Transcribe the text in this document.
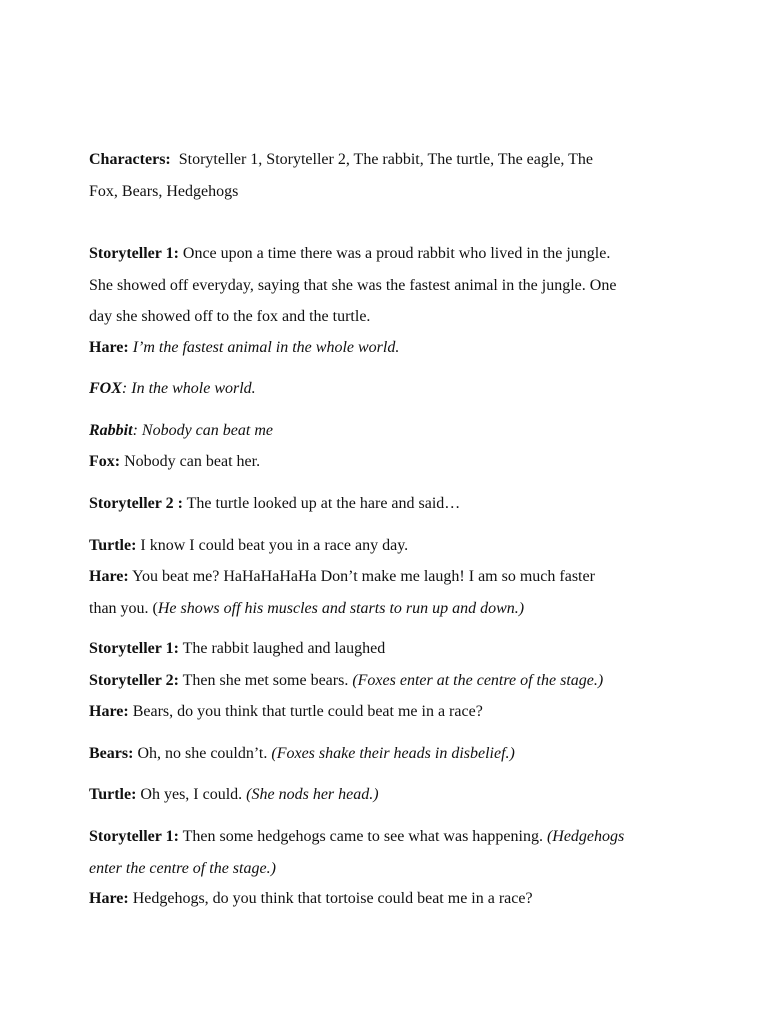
Characters:  Storyteller 1, Storyteller 2, The rabbit, The turtle, The eagle, The
Fox, Bears, Hedgehogs

Storyteller 1: Once upon a time there was a proud rabbit who lived in the jungle.
She showed off everyday, saying that she was the fastest animal in the jungle. One
day she showed off to the fox and the turtle.

Hare: I’m the fastest animal in the whole world.

FOX: In the whole world.

Rabbit: Nobody can beat me

Fox: Nobody can beat her.

Storyteller 2 : The turtle looked up at the hare and said…

Turtle: I know I could beat you in a race any day.

Hare: You beat me? HaHaHaHaHa Don’t make me laugh! I am so much faster
than you. (He shows off his muscles and starts to run up and down.)

Storyteller 1: The rabbit laughed and laughed

Storyteller 2: Then she met some bears. (Foxes enter at the centre of the stage.)

Hare: Bears, do you think that turtle could beat me in a race?

Bears: Oh, no she couldn’t. (Foxes shake their heads in disbelief.)

Turtle: Oh yes, I could. (She nods her head.)

Storyteller 1: Then some hedgehogs came to see what was happening. (Hedgehogs
enter the centre of the stage.)

Hare: Hedgehogs, do you think that tortoise could beat me in a race?
